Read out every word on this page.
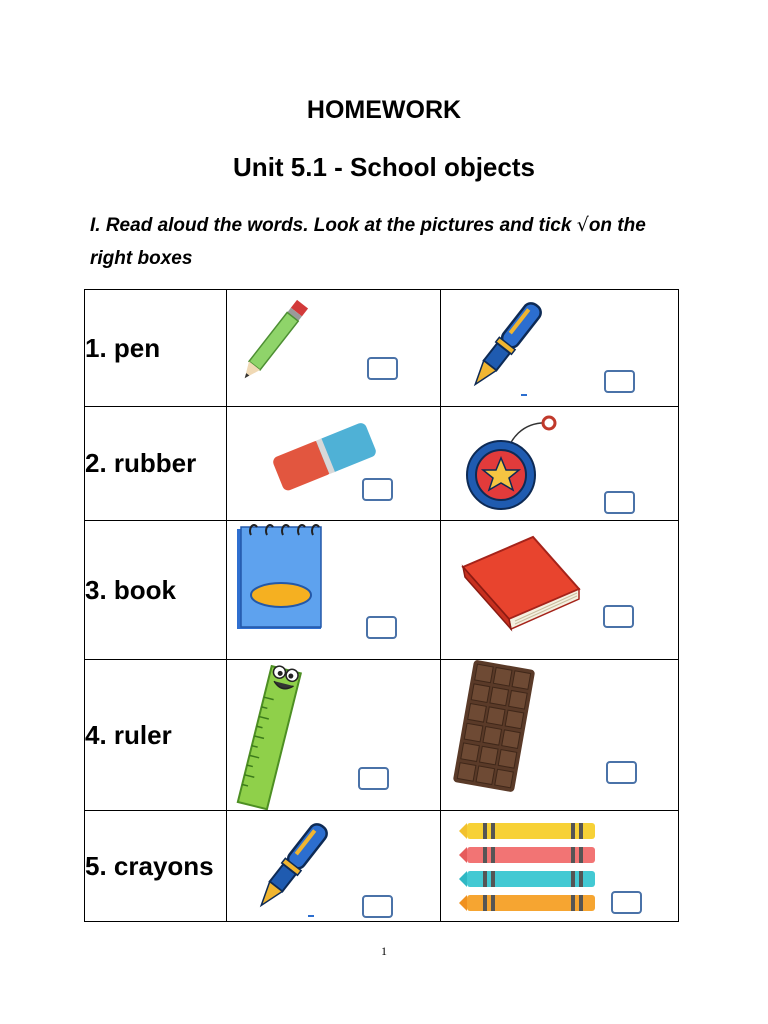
HOMEWORK
Unit 5.1 - School objects
I. Read aloud the words. Look at the pictures and tick √on the right boxes
1. pen	

2. rubber	

3. book	

4. ruler	

5. crayons	

1
